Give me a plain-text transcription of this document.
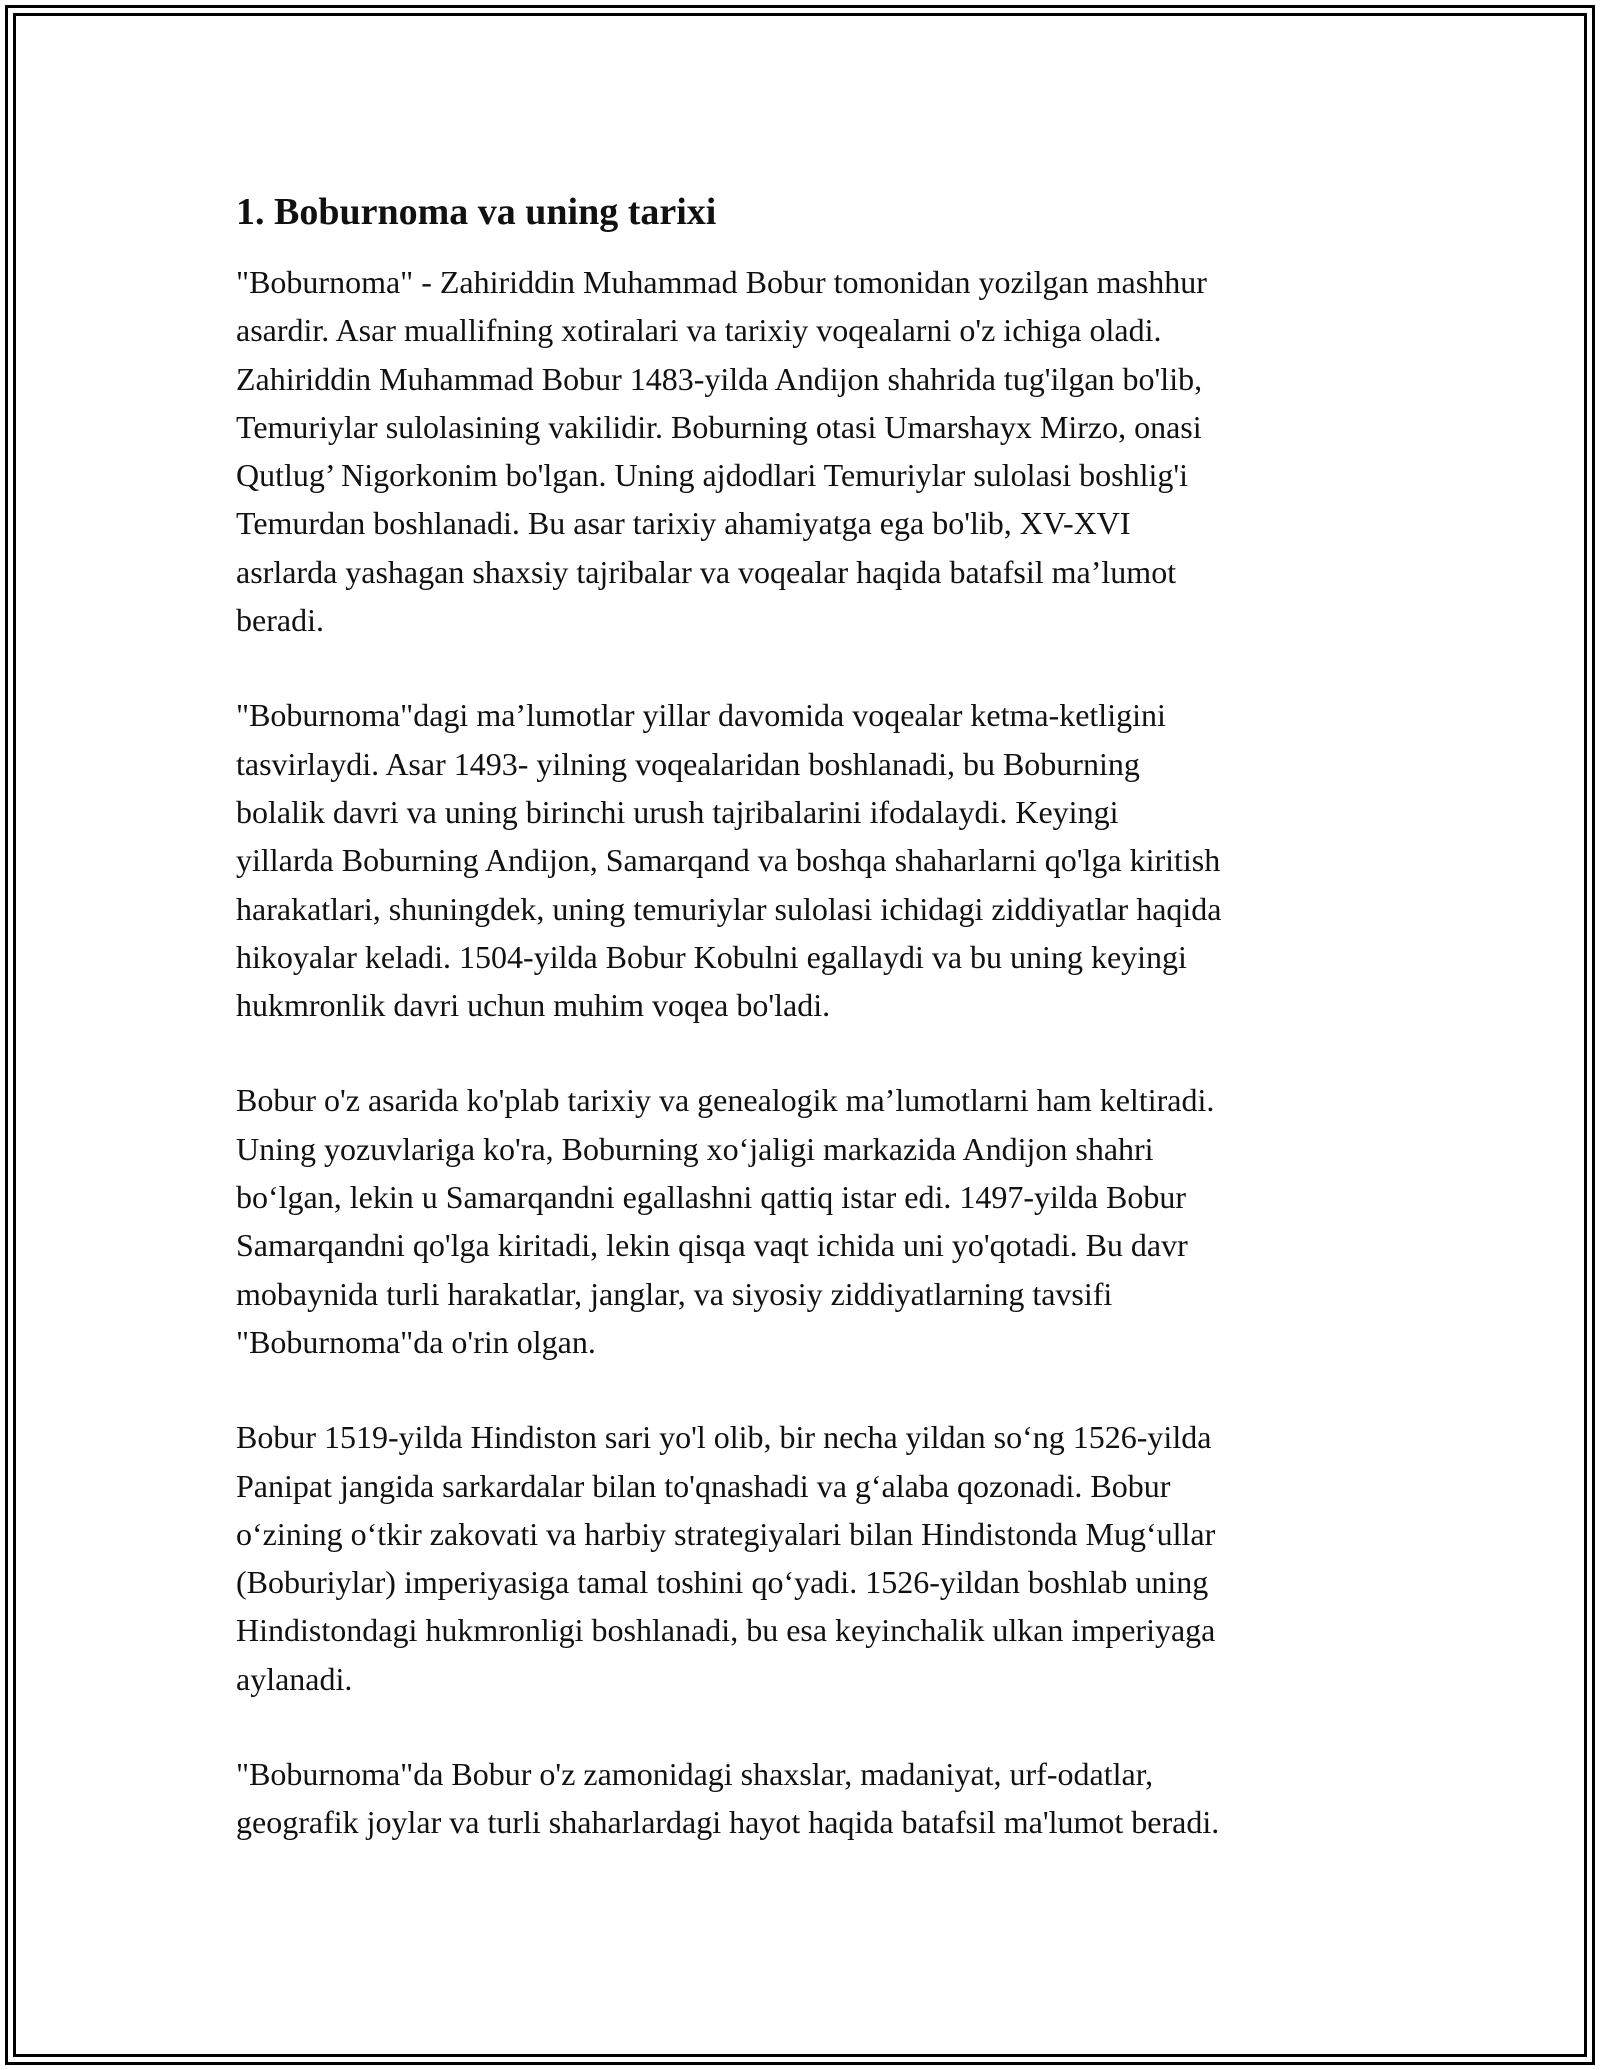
1. Boburnoma va uning tarixi

"Boburnoma" - Zahiriddin Muhammad Bobur tomonidan yozilgan mashhur
asardir. Asar muallifning xotiralari va tarixiy voqealarni o'z ichiga oladi.
Zahiriddin Muhammad Bobur 1483-yilda Andijon shahrida tug'ilgan bo'lib,
Temuriylar sulolasining vakilidir. Boburning otasi Umarshayx Mirzo, onasi
Qutlug’ Nigorkonim bo'lgan. Uning ajdodlari Temuriylar sulolasi boshlig'i
Temurdan boshlanadi. Bu asar tarixiy ahamiyatga ega bo'lib, XV-XVI
asrlarda yashagan shaxsiy tajribalar va voqealar haqida batafsil ma’lumot
beradi.

"Boburnoma"dagi ma’lumotlar yillar davomida voqealar ketma-ketligini
tasvirlaydi. Asar 1493- yilning voqealaridan boshlanadi, bu Boburning
bolalik davri va uning birinchi urush tajribalarini ifodalaydi. Keyingi
yillarda Boburning Andijon, Samarqand va boshqa shaharlarni qo'lga kiritish
harakatlari, shuningdek, uning temuriylar sulolasi ichidagi ziddiyatlar haqida
hikoyalar keladi. 1504-yilda Bobur Kobulni egallaydi va bu uning keyingi
hukmronlik davri uchun muhim voqea bo'ladi.

Bobur o'z asarida ko'plab tarixiy va genealogik ma’lumotlarni ham keltiradi.
Uning yozuvlariga ko'ra, Boburning xo‘jaligi markazida Andijon shahri
bo‘lgan, lekin u Samarqandni egallashni qattiq istar edi. 1497-yilda Bobur
Samarqandni qo'lga kiritadi, lekin qisqa vaqt ichida uni yo'qotadi. Bu davr
mobaynida turli harakatlar, janglar, va siyosiy ziddiyatlarning tavsifi
"Boburnoma"da o'rin olgan.

Bobur 1519-yilda Hindiston sari yo'l olib, bir necha yildan so‘ng 1526-yilda
Panipat jangida sarkardalar bilan to'qnashadi va g‘alaba qozonadi. Bobur
o‘zining o‘tkir zakovati va harbiy strategiyalari bilan Hindistonda Mug‘ullar
(Boburiylar) imperiyasiga tamal toshini qo‘yadi. 1526-yildan boshlab uning
Hindistondagi hukmronligi boshlanadi, bu esa keyinchalik ulkan imperiyaga
aylanadi.

"Boburnoma"da Bobur o'z zamonidagi shaxslar, madaniyat, urf-odatlar,
geografik joylar va turli shaharlardagi hayot haqida batafsil ma'lumot beradi.
